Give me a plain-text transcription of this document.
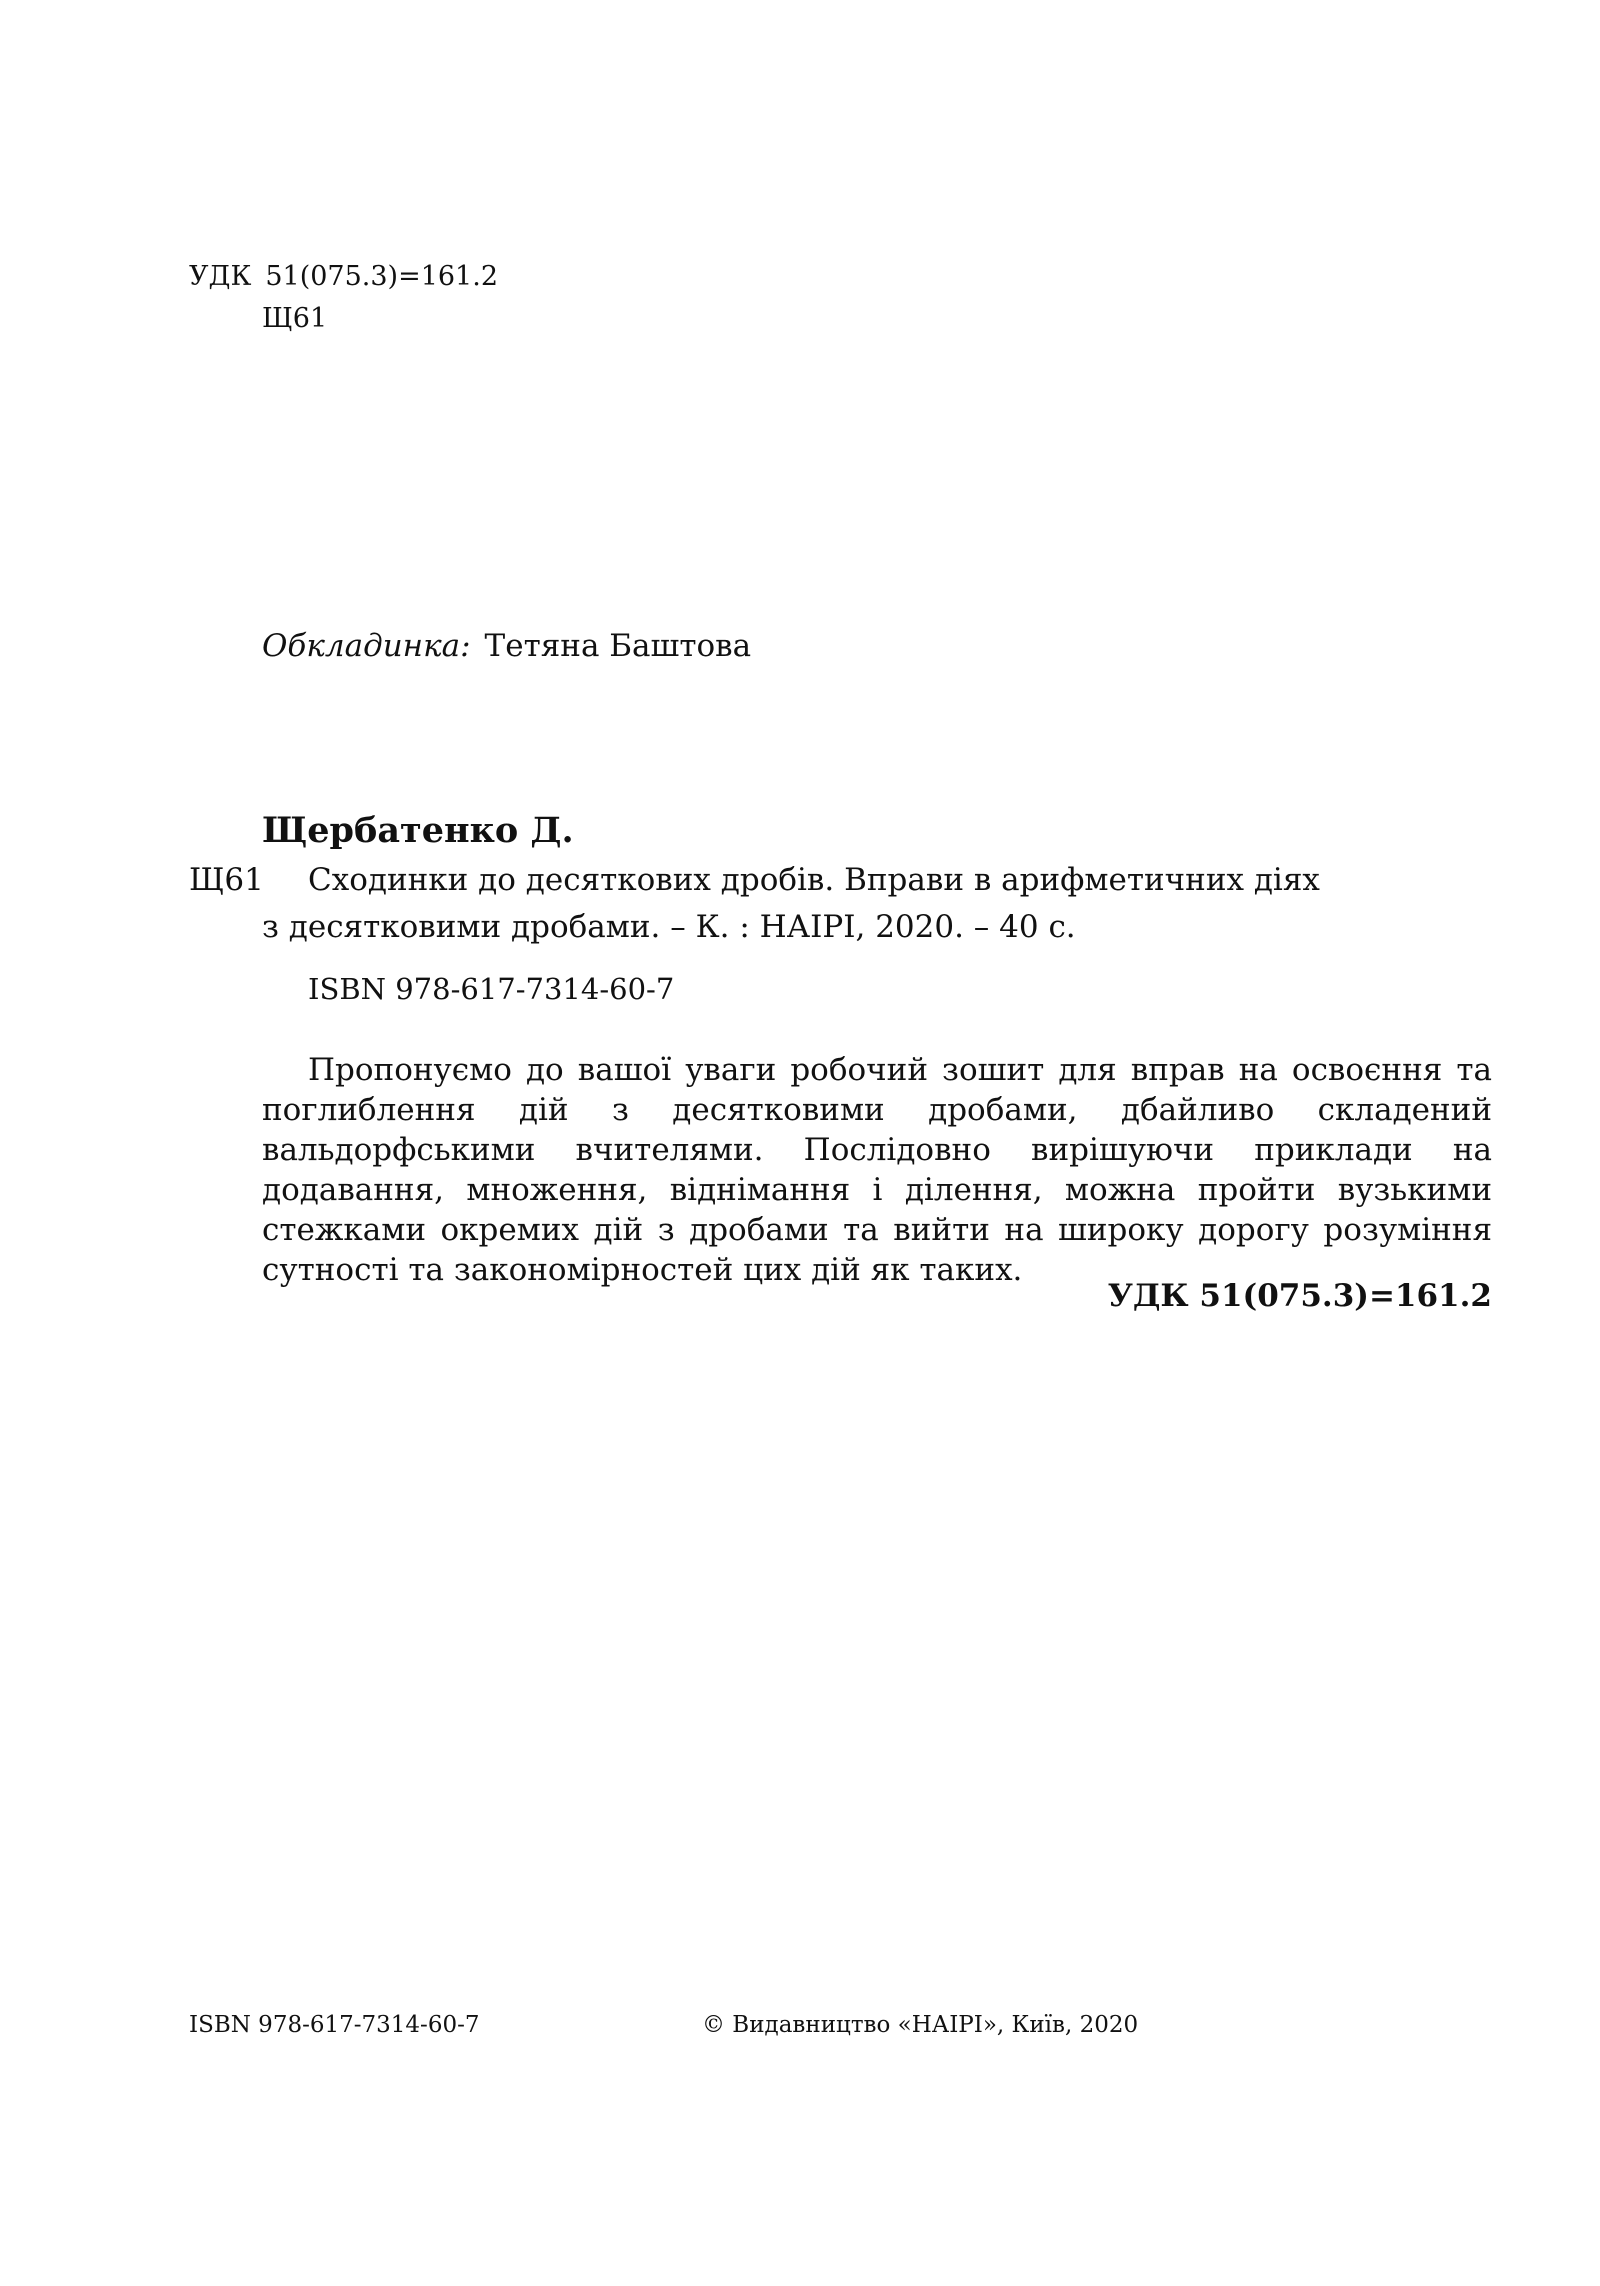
УДК 51(075.3)=161.2
Щ61
Обкладинка: Тетяна Баштова
Щербатенко Д.
Щ61 Сходинки до десяткових дробів. Вправи в арифметичних діях
з десятковими дробами. – К. : НАІРІ, 2020. – 40 с.
ISBN 978-617-7314-60-7
Пропонуємо до вашої уваги робочий зошит для вправ на освоєння та поглиблення дій з десятковими дробами, дбайливо складений вальдорфськими вчителями. Послідовно вирішуючи приклади на додавання, множення, віднімання і ділення, можна пройти вузькими стежками окремих дій з дробами та вийти на широку дорогу розуміння сутності та закономірностей цих дій як таких.
УДК 51(075.3)=161.2
ISBN 978-617-7314-60-7	© Видавництво «НАІРІ», Київ, 2020
